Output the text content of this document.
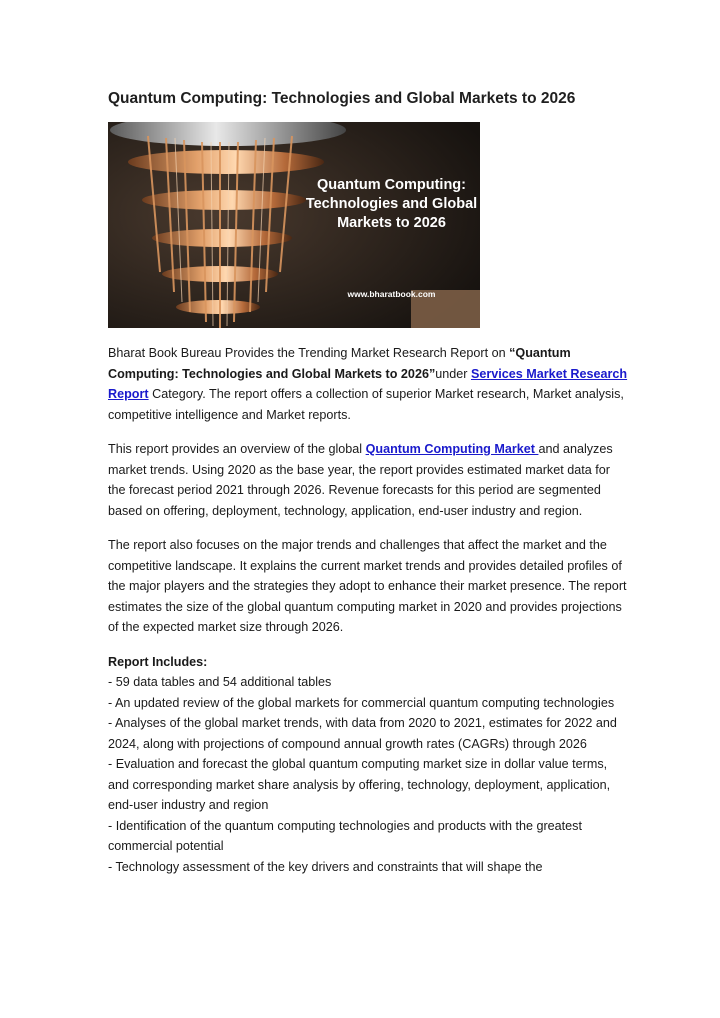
Quantum Computing: Technologies and Global Markets to 2026
Quantum Computing:
Technologies and Global
Markets to 2026
www.bharatbook.com

Bharat Book Bureau Provides the Trending Market Research Report on “Quantum Computing: Technologies and Global Markets to 2026”under Services Market Research Report Category. The report offers a collection of superior Market research, Market analysis, competitive intelligence and Market reports.

This report provides an overview of the global Quantum Computing Market and analyzes market trends. Using 2020 as the base year, the report provides estimated market data for the forecast period 2021 through 2026. Revenue forecasts for this period are segmented based on offering, deployment, technology, application, end-user industry and region.

The report also focuses on the major trends and challenges that affect the market and the competitive landscape. It explains the current market trends and provides detailed profiles of the major players and the strategies they adopt to enhance their market presence. The report estimates the size of the global quantum computing market in 2020 and provides projections of the expected market size through 2026.

Report Includes:
- 59 data tables and 54 additional tables
- An updated review of the global markets for commercial quantum computing technologies
- Analyses of the global market trends, with data from 2020 to 2021, estimates for 2022 and 2024, along with projections of compound annual growth rates (CAGRs) through 2026
- Evaluation and forecast the global quantum computing market size in dollar value terms, and corresponding market share analysis by offering, technology, deployment, application, end-user industry and region
- Identification of the quantum computing technologies and products with the greatest commercial potential
- Technology assessment of the key drivers and constraints that will shape the
